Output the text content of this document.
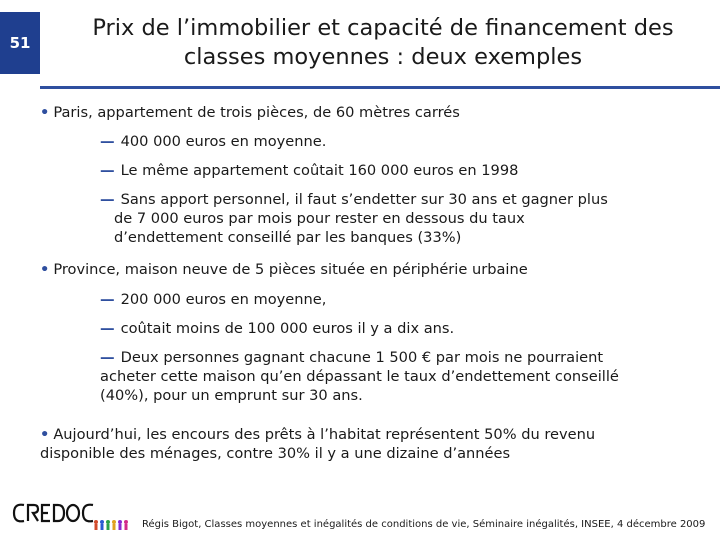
51
Prix de l’immobilier et capacité de financement des
classes moyennes : deux exemples
• Paris, appartement de trois pièces, de 60 mètres carrés
— 400 000 euros en moyenne.
— Le même appartement coûtait 160 000 euros en 1998
— Sans apport personnel, il faut s’endetter sur 30 ans et gagner plus
de 7 000 euros par mois pour rester en dessous du taux
d’endettement conseillé par les banques (33%)
• Province, maison neuve de 5 pièces située en périphérie urbaine
— 200 000 euros en moyenne,
— coûtait moins de 100 000 euros il y a dix ans.
— Deux personnes gagnant chacune 1 500 € par mois ne pourraient
acheter cette maison qu’en dépassant le taux d’endettement conseillé
(40%), pour un emprunt sur 30 ans.
• Aujourd’hui, les encours des prêts à l’habitat représentent 50% du revenu
disponible des ménages, contre 30% il y a une dizaine d’années
Régis Bigot, Classes moyennes et inégalités de conditions de vie, Séminaire inégalités, INSEE, 4 décembre 2009
